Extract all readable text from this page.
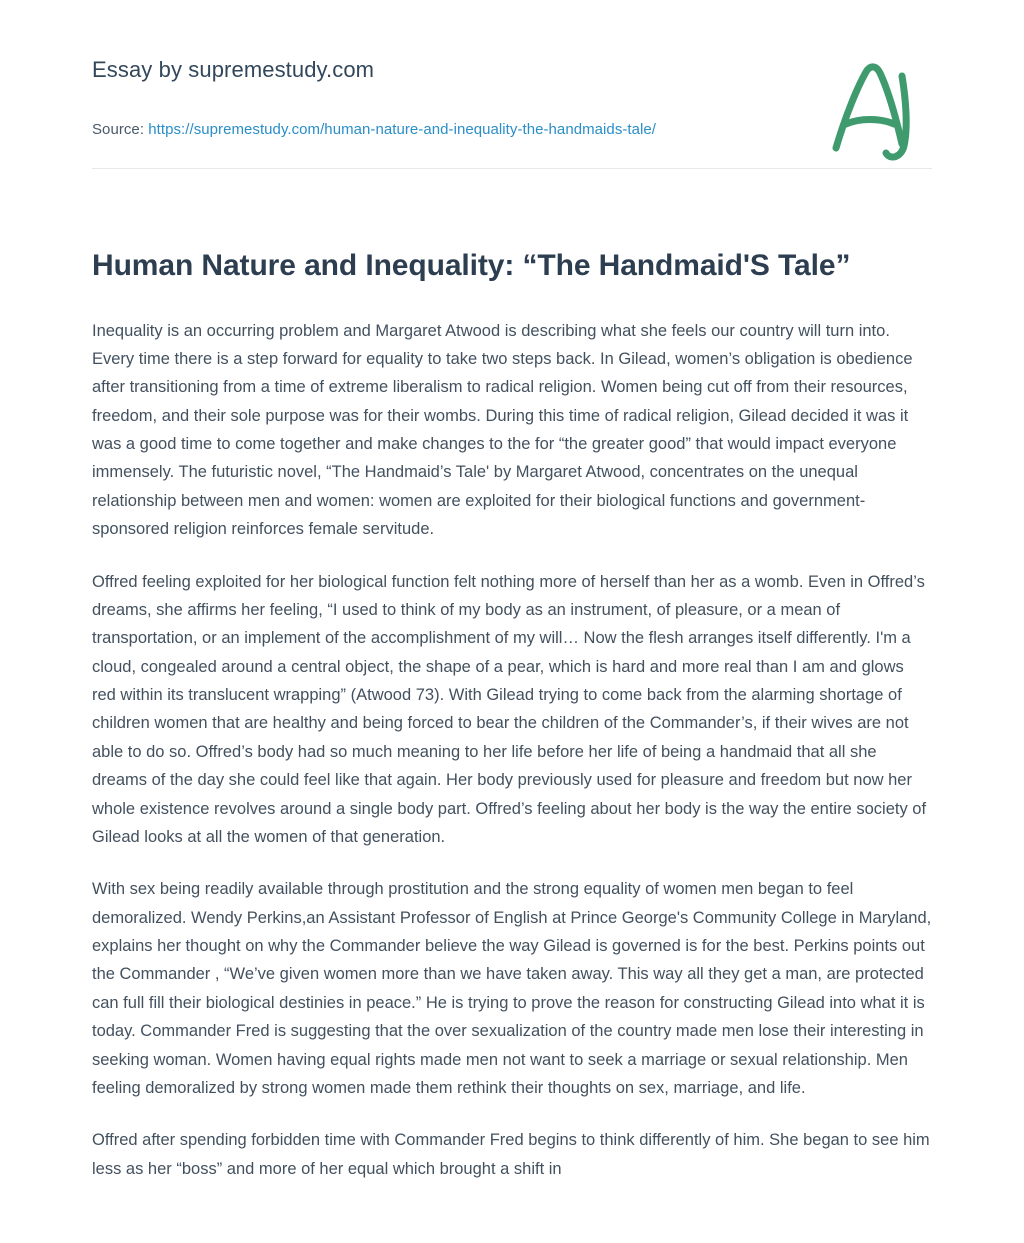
Essay by supremestudy.com
Source: https://supremestudy.com/human-nature-and-inequality-the-handmaids-tale/
Human Nature and Inequality: “The Handmaid'S Tale”

Inequality is an occurring problem and Margaret Atwood is describing what she feels our country will turn into. Every time there is a step forward for equality to take two steps back. In Gilead, women’s obligation is obedience after transitioning from a time of extreme liberalism to radical religion. Women being cut off from their resources, freedom, and their sole purpose was for their wombs. During this time of radical religion, Gilead decided it was it was a good time to come together and make changes to the for “the greater good” that would impact everyone immensely. The futuristic novel, “The Handmaid’s Tale' by Margaret Atwood, concentrates on the unequal relationship between men and women: women are exploited for their biological functions and government-sponsored religion reinforces female servitude.

Offred feeling exploited for her biological function felt nothing more of herself than her as a womb. Even in Offred’s dreams, she affirms her feeling, “I used to think of my body as an instrument, of pleasure, or a mean of transportation, or an implement of the accomplishment of my will… Now the flesh arranges itself differently. I'm a cloud, congealed around a central object, the shape of a pear, which is hard and more real than I am and glows red within its translucent wrapping” (Atwood 73). With Gilead trying to come back from the alarming shortage of children women that are healthy and being forced to bear the children of the Commander’s, if their wives are not able to do so. Offred’s body had so much meaning to her life before her life of being a handmaid that all she dreams of the day she could feel like that again. Her body previously used for pleasure and freedom but now her whole existence revolves around a single body part. Offred’s feeling about her body is the way the entire society of Gilead looks at all the women of that generation.

With sex being readily available through prostitution and the strong equality of women men began to feel demoralized. Wendy Perkins,an Assistant Professor of English at Prince George's Community College in Maryland, explains her thought on why the Commander believe the way Gilead is governed is for the best. Perkins points out the Commander , “We’ve given women more than we have taken away. This way all they get a man, are protected can full fill their biological destinies in peace.” He is trying to prove the reason for constructing Gilead into what it is today. Commander Fred is suggesting that the over sexualization of the country made men lose their interesting in seeking woman. Women having equal rights made men not want to seek a marriage or sexual relationship. Men feeling demoralized by strong women made them rethink their thoughts on sex, marriage, and life.

Offred after spending forbidden time with Commander Fred begins to think differently of him. She began to see him less as her “boss” and more of her equal which brought a shift in
